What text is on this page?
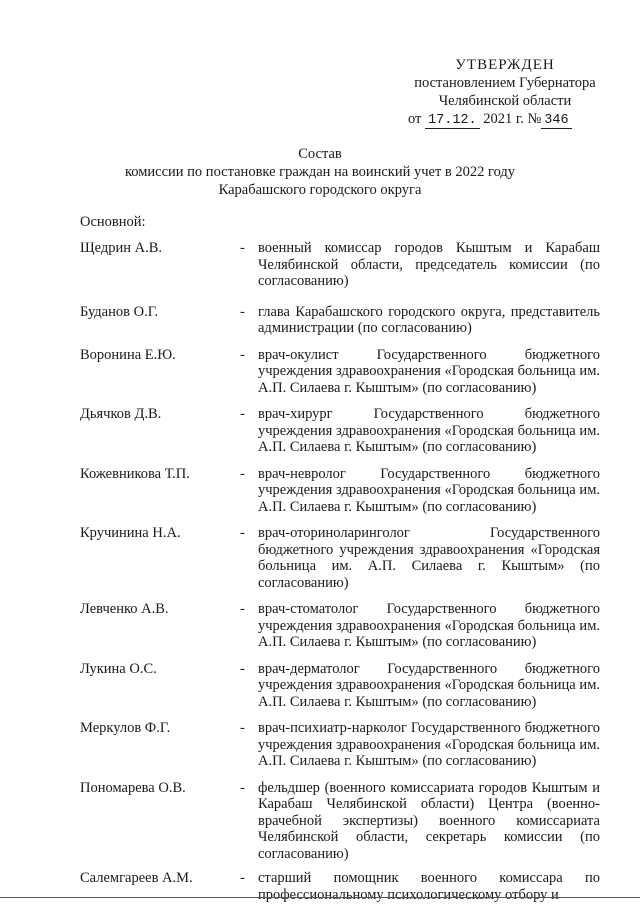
УТВЕРЖДЕН
постановлением Губернатора
Челябинской области
от 17.12. 2021 г. № 346
Состав
комиссии по постановке граждан на воинский учет в 2022 году
Карабашского городского округа
Основной:
Щедрин А.В.	- военный комиссар городов Кыштым и Карабаш Челябинской области, председатель комиссии (по согласованию)
Буданов О.Г.	- глава Карабашского городского округа, представитель администрации (по согласованию)
Воронина Е.Ю.	- врач-окулист Государственного бюджетного учреждения здравоохранения «Городская больница им. А.П. Силаева г. Кыштым» (по согласованию)
Дьячков Д.В.	- врач-хирург Государственного бюджетного учреждения здравоохранения «Городская больница им. А.П. Силаева г. Кыштым» (по согласованию)
Кожевникова Т.П.	- врач-невролог Государственного бюджетного учреждения здравоохранения «Городская больница им. А.П. Силаева г. Кыштым» (по согласованию)
Кручинина Н.А.	- врач-оториноларинголог Государственного бюджетного учреждения здравоохранения «Городская больница им. А.П. Силаева г. Кыштым» (по согласованию)
Левченко А.В.	- врач-стоматолог Государственного бюджетного учреждения здравоохранения «Городская больница им. А.П. Силаева г. Кыштым» (по согласованию)
Лукина О.С.	- врач-дерматолог Государственного бюджетного учреждения здравоохранения «Городская больница им. А.П. Силаева г. Кыштым» (по согласованию)
Меркулов Ф.Г.	- врач-психиатр-нарколог Государственного бюджетного учреждения здравоохранения «Городская больница им. А.П. Силаева г. Кыштым» (по согласованию)
Пономарева О.В.	- фельдшер (военного комиссариата городов Кыштым и Карабаш Челябинской области) Центра (военно-врачебной экспертизы) военного комиссариата Челябинской области, секретарь комиссии (по согласованию)
Салемгареев А.М.	- старший помощник военного комиссара по профессиональному психологическому отбору и
